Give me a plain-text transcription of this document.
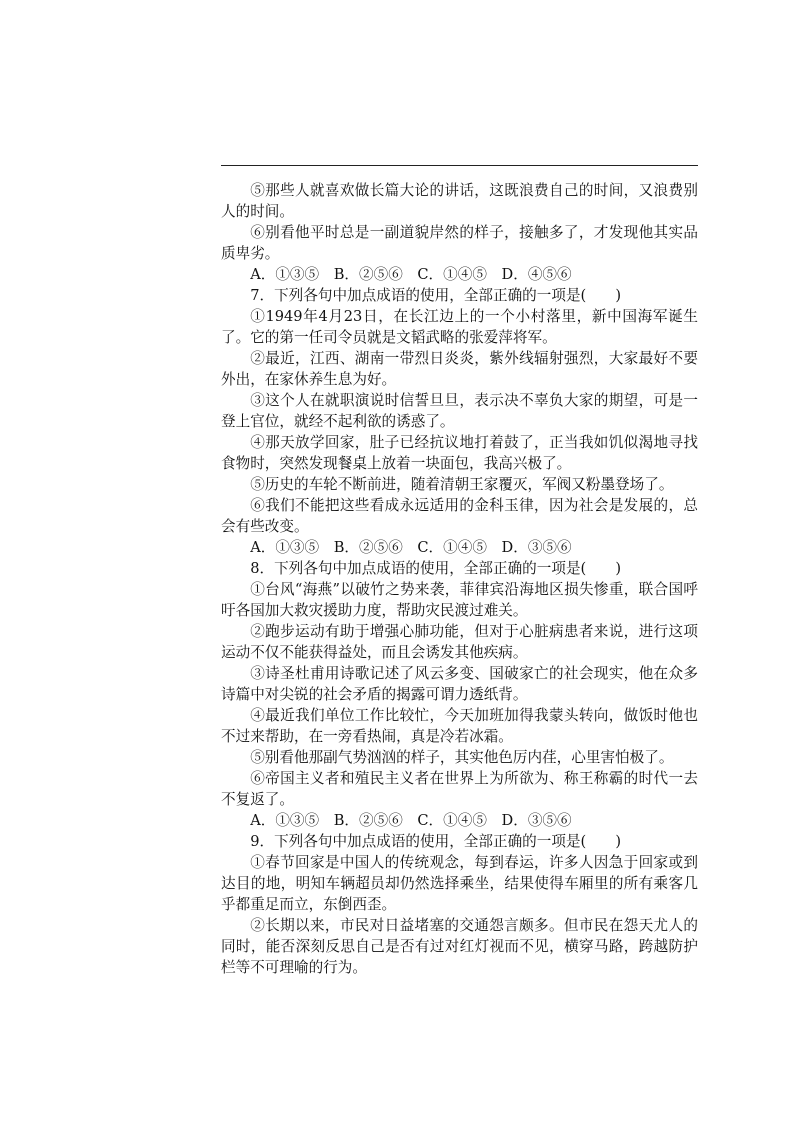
⑤那些人就喜欢做长篇大论的讲话，这既浪费自己的时间，又浪费别人的时间。

⑥别看他平时总是一副道貌岸然的样子，接触多了，才发现他其实品质卑劣。

A．①③⑤　B．②⑤⑥　C．①④⑤　D．④⑤⑥

7．下列各句中加点成语的使用，全部正确的一项是(　　)

①1949年4月23日，在长江边上的一个小村落里，新中国海军诞生了。它的第一任司令员就是文韬武略的张爱萍将军。

②最近，江西、湖南一带烈日炎炎，紫外线辐射强烈，大家最好不要外出，在家休养生息为好。

③这个人在就职演说时信誓旦旦，表示决不辜负大家的期望，可是一登上官位，就经不起利欲的诱惑了。

④那天放学回家，肚子已经抗议地打着鼓了，正当我如饥似渴地寻找食物时，突然发现餐桌上放着一块面包，我高兴极了。

⑤历史的车轮不断前进，随着清朝王家覆灭，军阀又粉墨登场了。

⑥我们不能把这些看成永远适用的金科玉律，因为社会是发展的，总会有些改变。

A．①③⑤　B．②⑤⑥　C．①④⑤　D．③⑤⑥

8．下列各句中加点成语的使用，全部正确的一项是(　　)

①台风“海燕”以破竹之势来袭，菲律宾沿海地区损失惨重，联合国呼吁各国加大救灾援助力度，帮助灾民渡过难关。

②跑步运动有助于增强心肺功能，但对于心脏病患者来说，进行这项运动不仅不能获得益处，而且会诱发其他疾病。

③诗圣杜甫用诗歌记述了风云多变、国破家亡的社会现实，他在众多诗篇中对尖锐的社会矛盾的揭露可谓力透纸背。

④最近我们单位工作比较忙，今天加班加得我蒙头转向，做饭时他也不过来帮助，在一旁看热闹，真是冷若冰霜。

⑤别看他那副气势汹汹的样子，其实他色厉内荏，心里害怕极了。

⑥帝国主义者和殖民主义者在世界上为所欲为、称王称霸的时代一去不复返了。

A．①③⑤　B．②⑤⑥　C．①④⑤　D．③⑤⑥

9．下列各句中加点成语的使用，全部正确的一项是(　　)

①春节回家是中国人的传统观念，每到春运，许多人因急于回家或到达目的地，明知车辆超员却仍然选择乘坐，结果使得车厢里的所有乘客几乎都重足而立，东倒西歪。

②长期以来，市民对日益堵塞的交通怨言颇多。但市民在怨天尤人的同时，能否深刻反思自己是否有过对红灯视而不见，横穿马路，跨越防护栏等不可理喻的行为。
